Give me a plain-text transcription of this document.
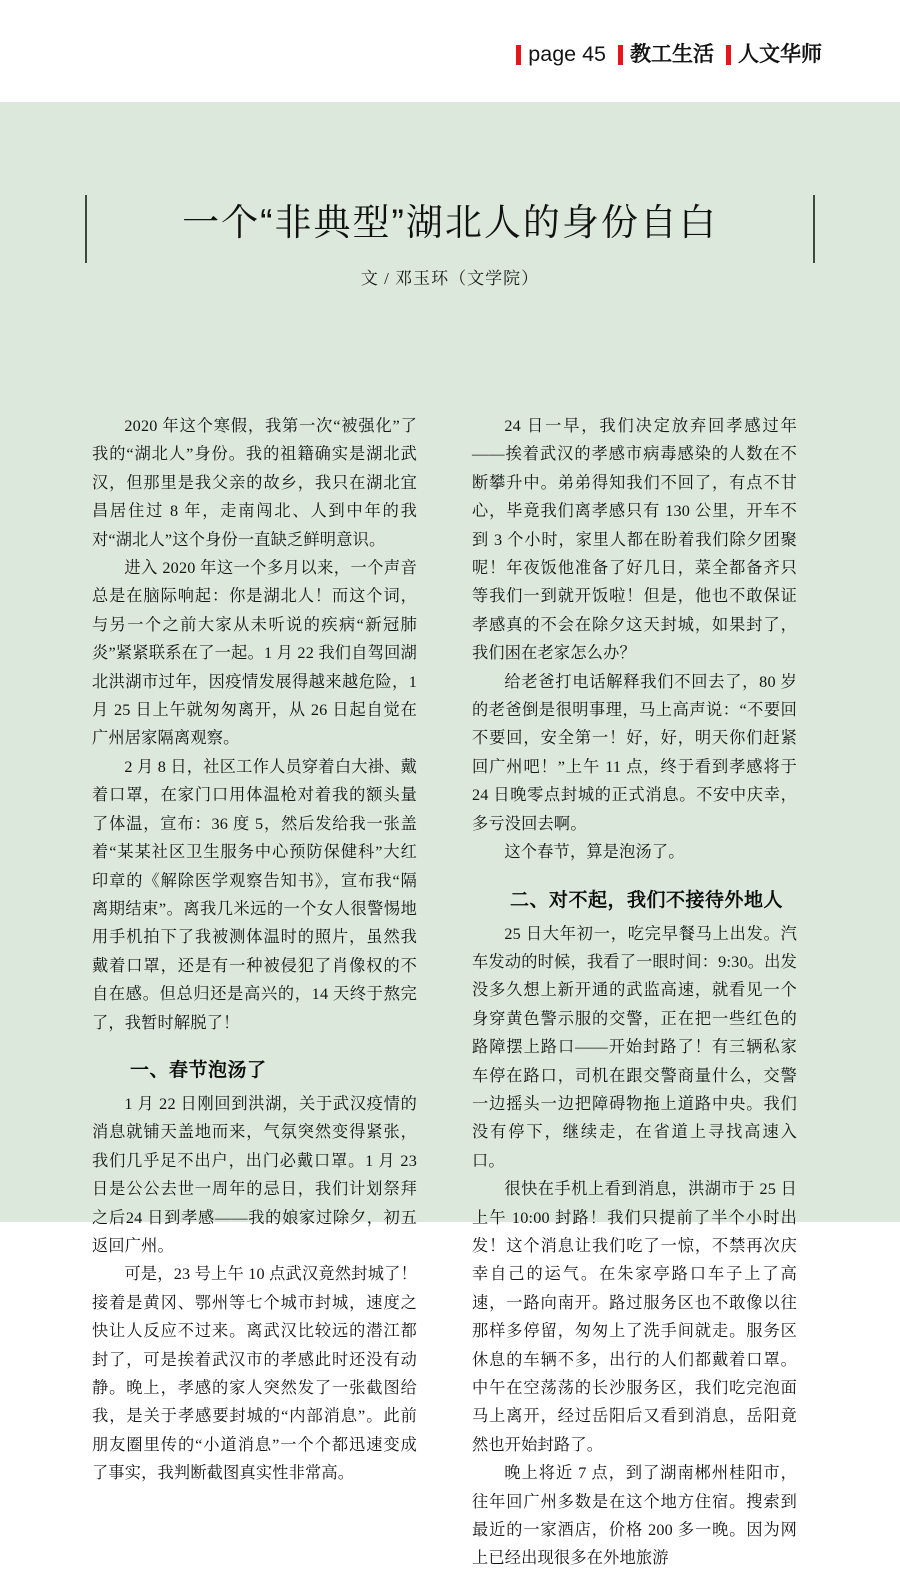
page 45 教工生活 人文华师
一个“非典型”湖北人的身份自白
文 / 邓玉环（文学院）

2020 年这个寒假，我第一次“被强化”了我的“湖北人”身份。我的祖籍确实是湖北武汉，但那里是我父亲的故乡，我只在湖北宜昌居住过 8 年，走南闯北、人到中年的我对“湖北人”这个身份一直缺乏鲜明意识。

进入 2020 年这一个多月以来，一个声音总是在脑际响起：你是湖北人！而这个词，与另一个之前大家从未听说的疾病“新冠肺炎”紧紧联系在了一起。1 月 22 我们自驾回湖北洪湖市过年，因疫情发展得越来越危险，1 月 25 日上午就匆匆离开，从 26 日起自觉在广州居家隔离观察。

2 月 8 日，社区工作人员穿着白大褂、戴着口罩，在家门口用体温枪对着我的额头量了体温，宣布：36 度 5，然后发给我一张盖着“某某社区卫生服务中心预防保健科”大红印章的《解除医学观察告知书》，宣布我“隔离期结束”。离我几米远的一个女人很警惕地用手机拍下了我被测体温时的照片，虽然我戴着口罩，还是有一种被侵犯了肖像权的不自在感。但总归还是高兴的，14 天终于熬完了，我暂时解脱了！

一、春节泡汤了

1 月 22 日刚回到洪湖，关于武汉疫情的消息就铺天盖地而来，气氛突然变得紧张，我们几乎足不出户，出门必戴口罩。1 月 23 日是公公去世一周年的忌日，我们计划祭拜之后24 日到孝感——我的娘家过除夕，初五返回广州。

可是，23 号上午 10 点武汉竟然封城了！接着是黄冈、鄂州等七个城市封城，速度之快让人反应不过来。离武汉比较远的潜江都封了，可是挨着武汉市的孝感此时还没有动静。晚上，孝感的家人突然发了一张截图给我，是关于孝感要封城的“内部消息”。此前朋友圈里传的“小道消息”一个个都迅速变成了事实，我判断截图真实性非常高。

24 日一早，我们决定放弃回孝感过年——挨着武汉的孝感市病毒感染的人数在不断攀升中。弟弟得知我们不回了，有点不甘心，毕竟我们离孝感只有 130 公里，开车不到 3 个小时，家里人都在盼着我们除夕团聚呢！年夜饭他准备了好几日，菜全都备齐只等我们一到就开饭啦！但是，他也不敢保证孝感真的不会在除夕这天封城，如果封了，我们困在老家怎么办？

给老爸打电话解释我们不回去了，80 岁的老爸倒是很明事理，马上高声说：“不要回不要回，安全第一！好，好，明天你们赶紧回广州吧！”上午 11 点，终于看到孝感将于 24 日晚零点封城的正式消息。不安中庆幸，多亏没回去啊。

这个春节，算是泡汤了。

二、对不起，我们不接待外地人

25 日大年初一，吃完早餐马上出发。汽车发动的时候，我看了一眼时间：9:30。出发没多久想上新开通的武监高速，就看见一个身穿黄色警示服的交警，正在把一些红色的路障摆上路口——开始封路了！有三辆私家车停在路口，司机在跟交警商量什么，交警一边摇头一边把障碍物拖上道路中央。我们没有停下，继续走，在省道上寻找高速入口。

很快在手机上看到消息，洪湖市于 25 日上午 10:00 封路！我们只提前了半个小时出发！这个消息让我们吃了一惊，不禁再次庆幸自己的运气。在朱家亭路口车子上了高速，一路向南开。路过服务区也不敢像以往那样多停留，匆匆上了洗手间就走。服务区休息的车辆不多，出行的人们都戴着口罩。中午在空荡荡的长沙服务区，我们吃完泡面马上离开，经过岳阳后又看到消息，岳阳竟然也开始封路了。

晚上将近 7 点，到了湖南郴州桂阳市，往年回广州多数是在这个地方住宿。搜索到最近的一家酒店，价格 200 多一晚。因为网上已经出现很多在外地旅游
